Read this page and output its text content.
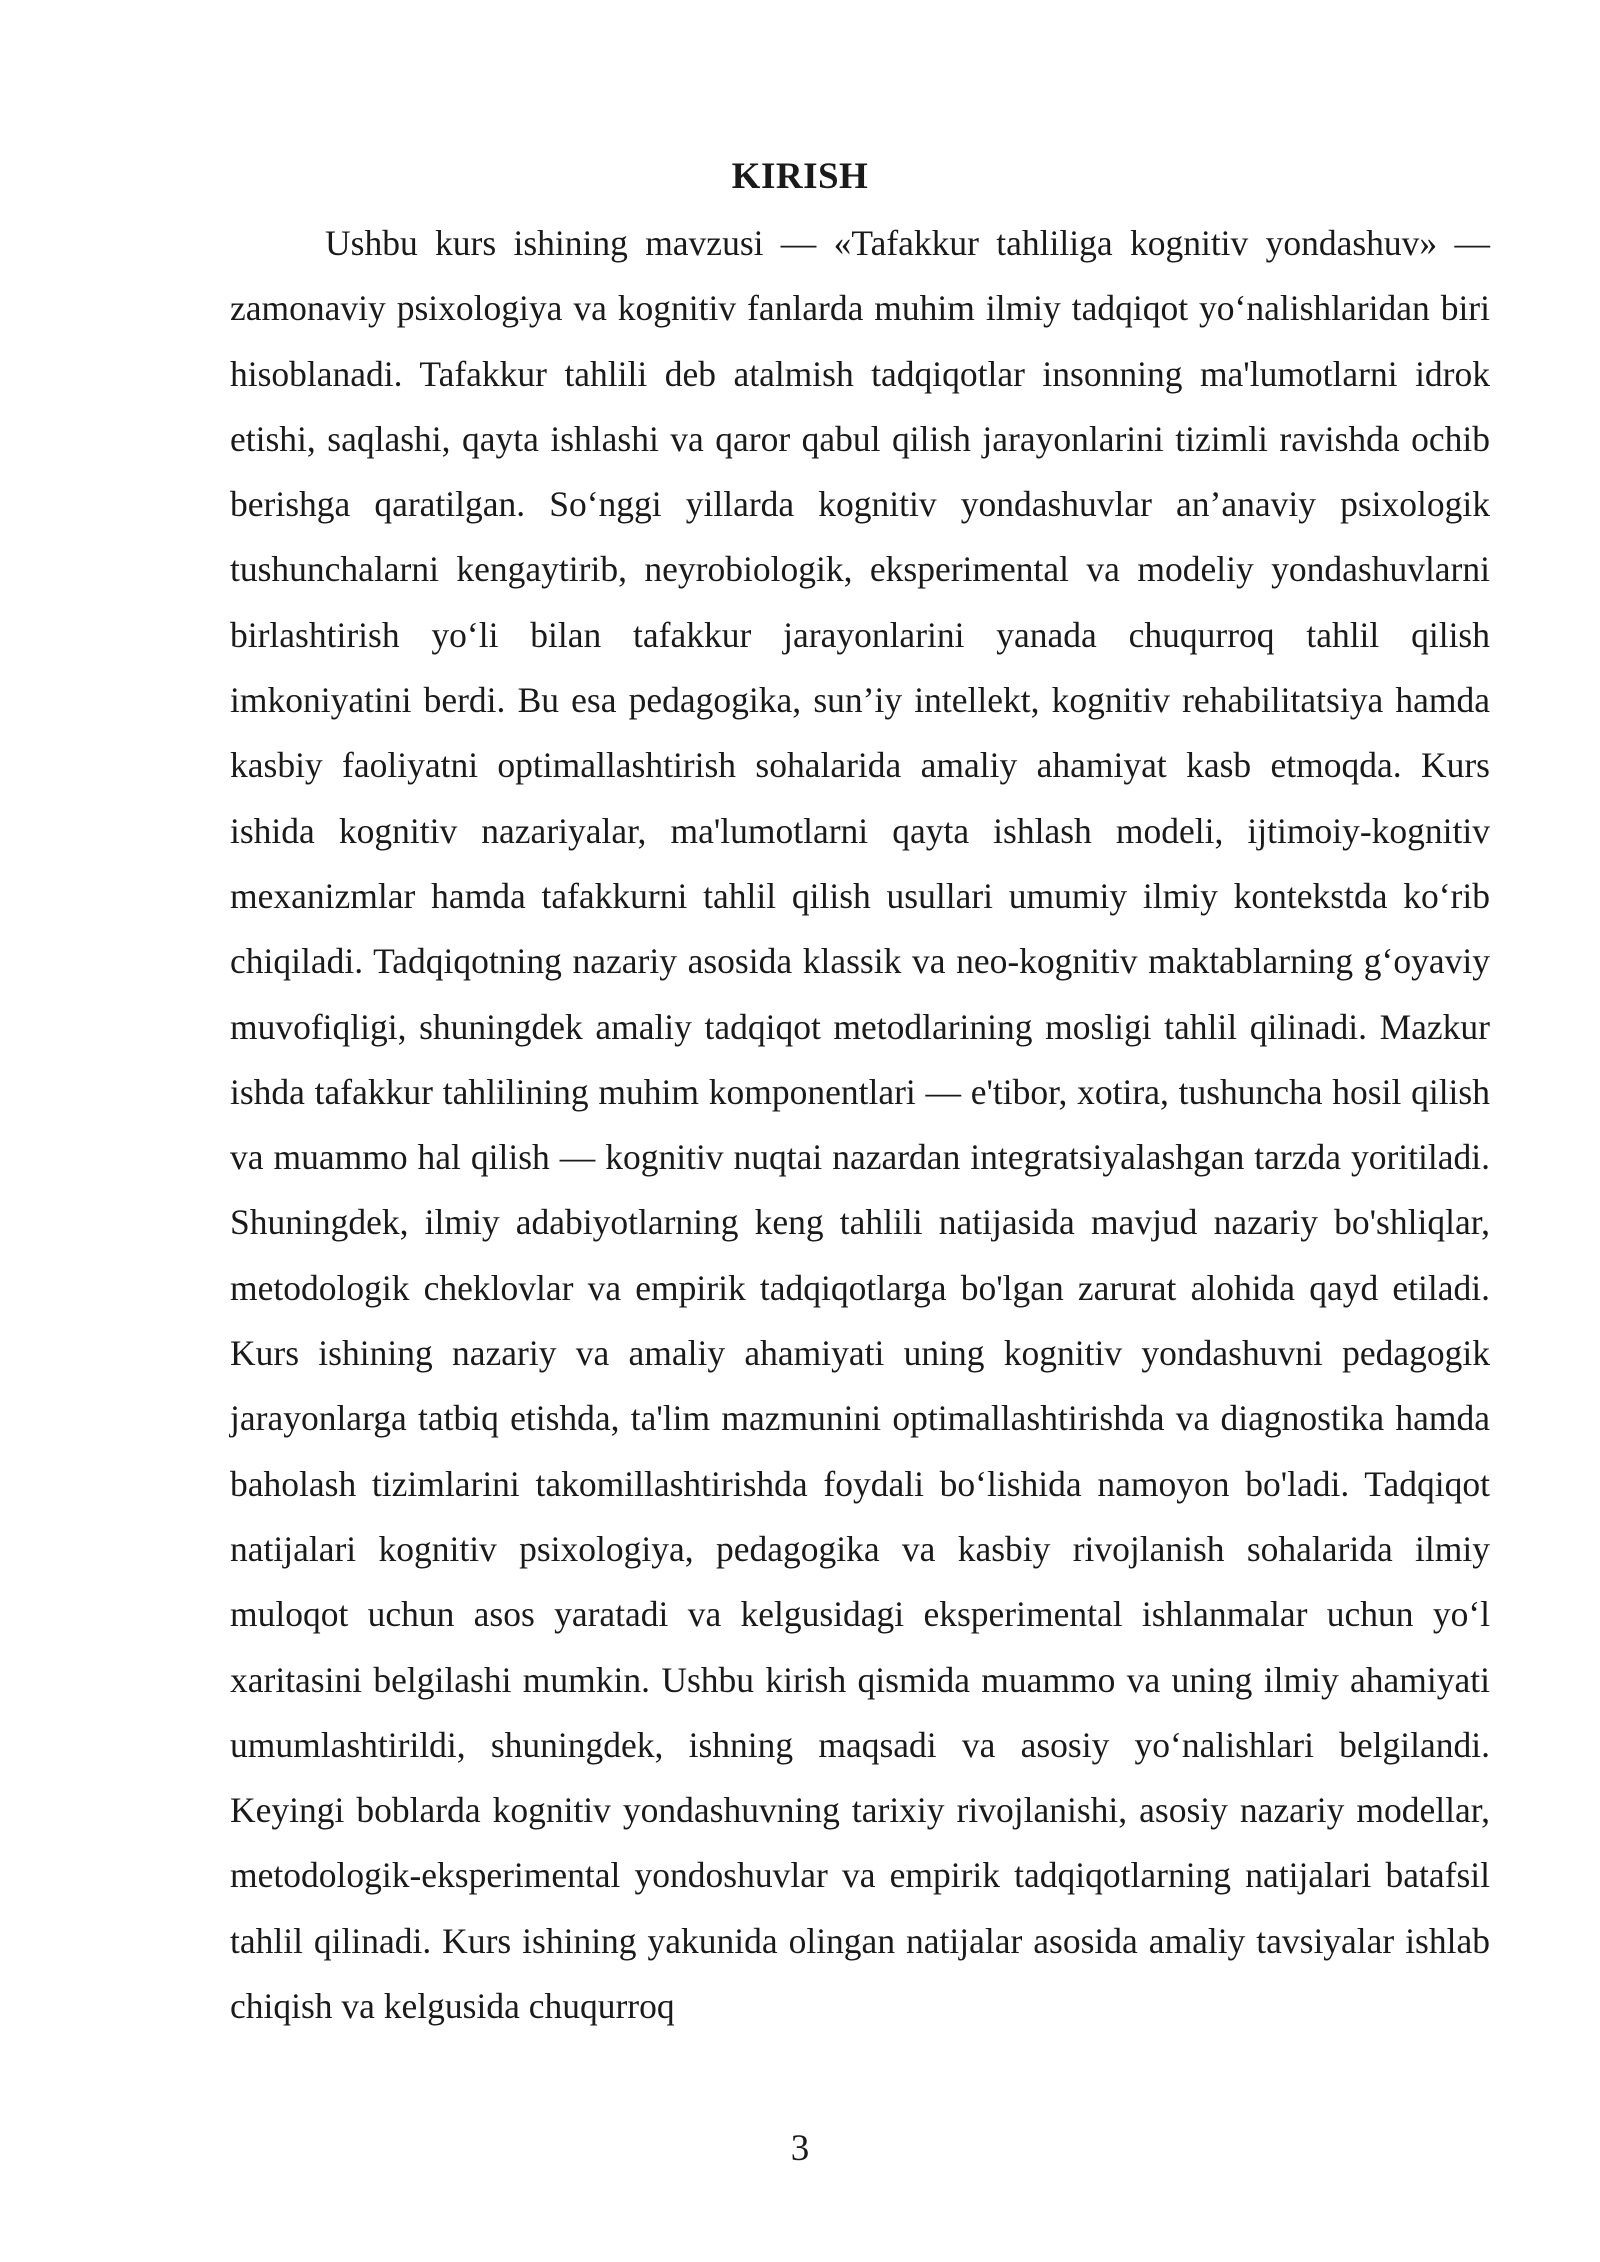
KIRISH

Ushbu kurs ishining mavzusi — «Tafakkur tahliliga kognitiv yondashuv» — zamonaviy psixologiya va kognitiv fanlarda muhim ilmiy tadqiqot yoʻnalishlaridan biri hisoblanadi. Tafakkur tahlili deb atalmish tadqiqotlar insonning ma'lumotlarni idrok etishi, saqlashi, qayta ishlashi va qaror qabul qilish jarayonlarini tizimli ravishda ochib berishga qaratilgan. Soʻnggi yillarda kognitiv yondashuvlar an’anaviy psixologik tushunchalarni kengaytirib, neyrobiologik, eksperimental va modeliy yondashuvlarni birlashtirish yoʻli bilan tafakkur jarayonlarini yanada chuqurroq tahlil qilish imkoniyatini berdi. Bu esa pedagogika, sun’iy intellekt, kognitiv rehabilitatsiya hamda kasbiy faoliyatni optimallashtirish sohalarida amaliy ahamiyat kasb etmoqda. Kurs ishida kognitiv nazariyalar, ma'lumotlarni qayta ishlash modeli, ijtimoiy-kognitiv mexanizmlar hamda tafakkurni tahlil qilish usullari umumiy ilmiy kontekstda koʻrib chiqiladi. Tadqiqotning nazariy asosida klassik va neo-kognitiv maktablarning gʻoyaviy muvofiqligi, shuningdek amaliy tadqiqot metodlarining mosligi tahlil qilinadi. Mazkur ishda tafakkur tahlilining muhim komponentlari — e'tibor, xotira, tushuncha hosil qilish va muammo hal qilish — kognitiv nuqtai nazardan integratsiyalashgan tarzda yoritiladi. Shuningdek, ilmiy adabiyotlarning keng tahlili natijasida mavjud nazariy bo'shliqlar, metodologik cheklovlar va empirik tadqiqotlarga bo'lgan zarurat alohida qayd etiladi. Kurs ishining nazariy va amaliy ahamiyati uning kognitiv yondashuvni pedagogik jarayonlarga tatbiq etishda, ta'lim mazmunini optimallashtirishda va diagnostika hamda baholash tizimlarini takomillashtirishda foydali boʻlishida namoyon bo'ladi. Tadqiqot natijalari kognitiv psixologiya, pedagogika va kasbiy rivojlanish sohalarida ilmiy muloqot uchun asos yaratadi va kelgusidagi eksperimental ishlanmalar uchun yoʻl xaritasini belgilashi mumkin. Ushbu kirish qismida muammo va uning ilmiy ahamiyati umumlashtirildi, shuningdek, ishning maqsadi va asosiy yoʻnalishlari belgilandi. Keyingi boblarda kognitiv yondashuvning tarixiy rivojlanishi, asosiy nazariy modellar, metodologik-eksperimental yondoshuvlar va empirik tadqiqotlarning natijalari batafsil tahlil qilinadi. Kurs ishining yakunida olingan natijalar asosida amaliy tavsiyalar ishlab chiqish va kelgusida chuqurroq

3
